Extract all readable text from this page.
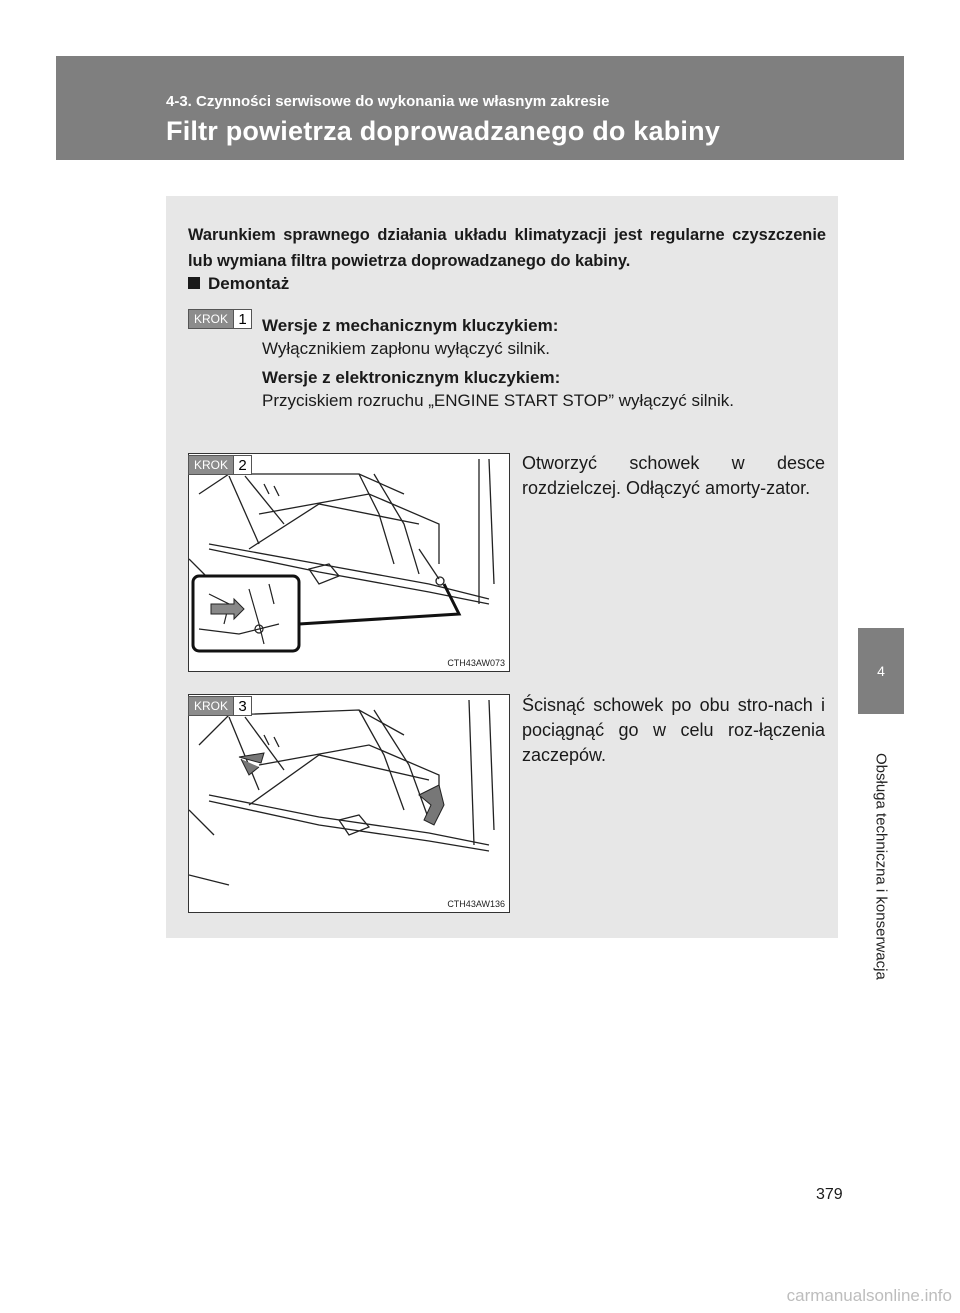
4-3. Czynności serwisowe do wykonania we własnym zakresie
Filtr powietrza doprowadzanego do kabiny
Warunkiem sprawnego działania układu klimatyzacji jest regularne czyszczenie lub wymiana filtra powietrza doprowadzanego do kabiny.
Demontaż
KROK 1 Wersje z mechanicznym kluczykiem:
Wyłącznikiem zapłonu wyłączyć silnik.
Wersje z elektronicznym kluczykiem:
Przyciskiem rozruchu „ENGINE START STOP” wyłączyć silnik.
CTH43AW073
KROK 2	Otworzyć schowek w desce rozdzielczej. Odłączyć amorty-zator.
CTH43AW136
KROK 3	Ścisnąć schowek po obu stro-nach i pociągnąć go w celu roz-łączenia zaczepów.
4
Obsługa techniczna i konserwacja
379
carmanualsonline.info
